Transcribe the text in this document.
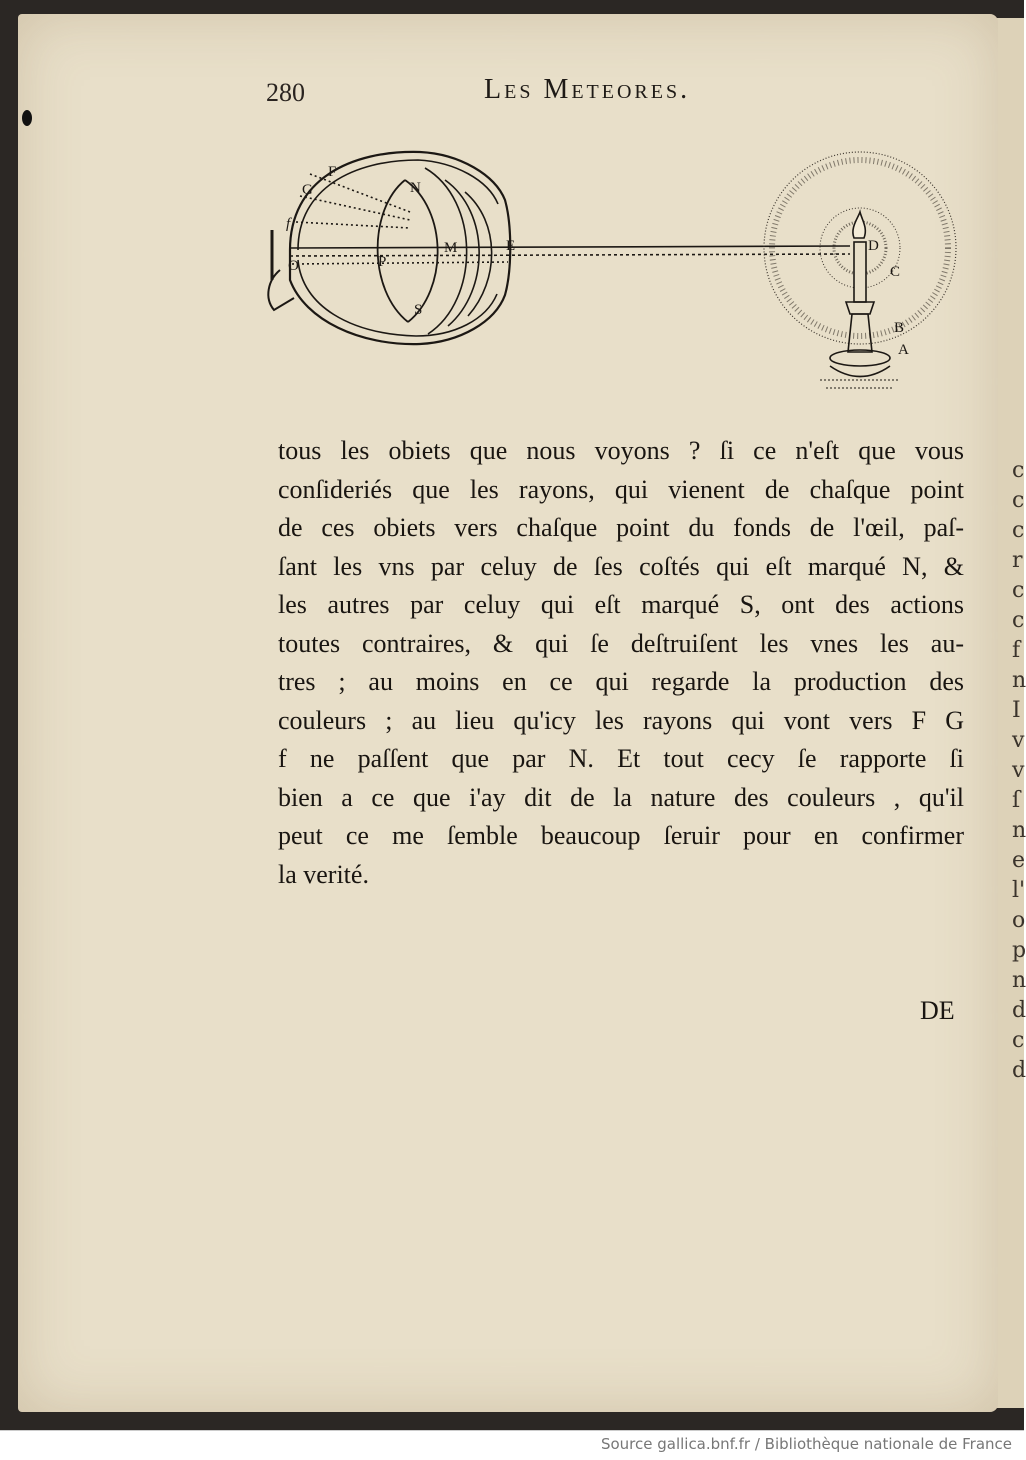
c
c
c
r
c
c
f
n
I
v
v
ſ
n
e
l'
o
p
n
d
c
d
280	Les Meteores.
F
G
f
O	P
N
M	E
S
D
C
B
A
tous les obiets que nous voyons ? ſi ce n'eſt que vous
conſideriés que les rayons, qui vienent de chaſque point
de ces obiets vers chaſque point du fonds de l'œil, paſ-
ſant les vns par celuy de ſes coſtés qui eſt marqué N, &
les autres par celuy qui eſt marqué S, ont des actions
toutes contraires, & qui ſe deſtruiſent les vnes les au-
tres ; au moins en ce qui regarde la production des
couleurs ; au lieu qu'icy les rayons qui vont vers F G
f ne paſſent que par N. Et tout cecy ſe rapporte ſi
bien a ce que i'ay dit de la nature des couleurs , qu'il
peut ce me ſemble beaucoup ſeruir pour en confirmer
la verité.
DE
Source gallica.bnf.fr / Bibliothèque nationale de France
